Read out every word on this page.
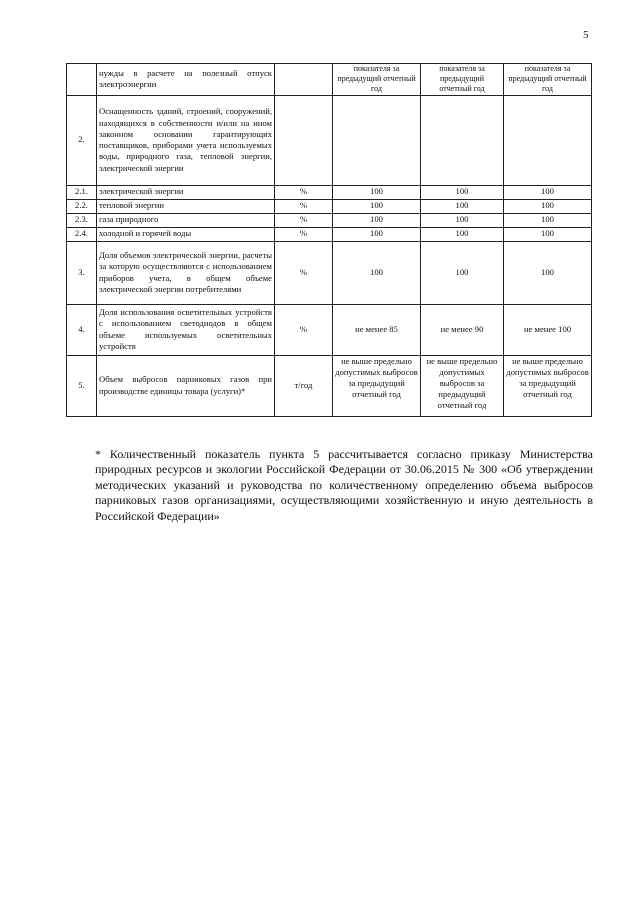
5
	нужды в расчете на полезный отпуск электроэнергии		показателя за предыдущий отчетный год	показателя за предыдущий отчетный год	показателя за предыдущий отчетный год
2.	Оснащенность зданий, строений, сооружений, находящихся в собственности и/или на ином законном основании гарантирующих поставщиков, приборами учета используемых воды, природного газа, тепловой энергии, электрической энергии				
2.1.	электрической энергии	%	100	100	100
2.2.	тепловой энергии	%	100	100	100
2.3.	газа природного	%	100	100	100
2.4.	холодной и горячей воды	%	100	100	100
3.	Доля объемов электрической энергии, расчеты за которую осуществляются с использованием приборов учета, в общем объеме электрической энергии потребителями	%	100	100	100
4.	Доля использования осветительных устройств с использованием светодиодов в общем объеме используемых осветительных устройств	%	не менее 85	не менее 90	не менее 100
5.	Объем выбросов парниковых газов при производстве единицы товара (услуги)*	т/год	не выше предельно допустимых выбросов за предыдущий отчетный год	не выше предельно допустимых выбросов за предыдущий отчетный год	не выше предельно допустимых выбросов за предыдущий отчетный год
* Количественный показатель пункта 5 рассчитывается согласно приказу Министерства природных ресурсов и экологии Российской Федерации от 30.06.2015 № 300 «Об утверждении методических указаний и руководства по количественному определению объема выбросов парниковых газов организациями, осуществляющими хозяйственную и иную деятельность в Российской Федерации»
